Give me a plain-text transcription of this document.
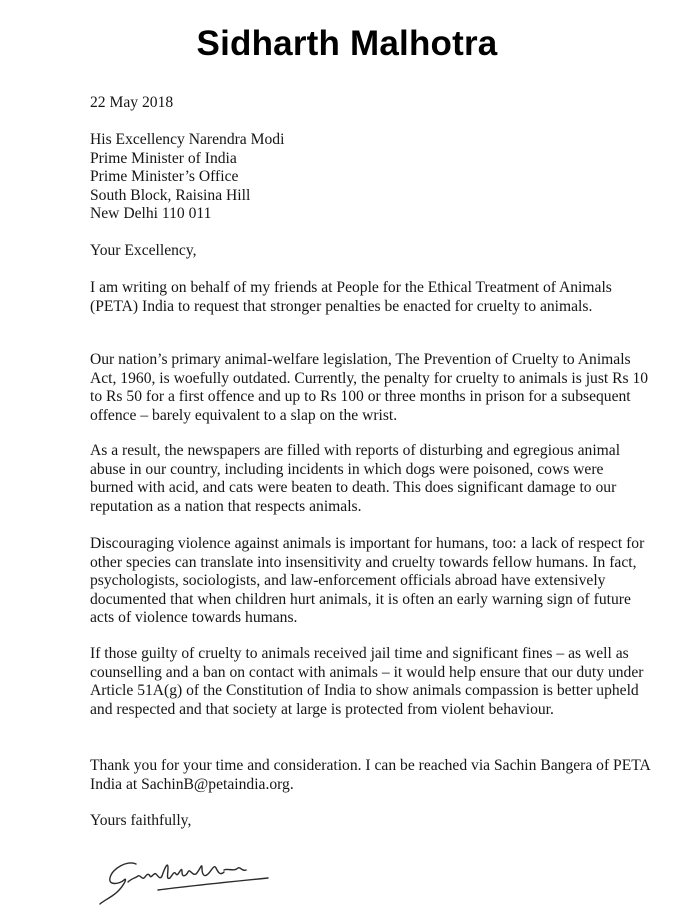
Sidharth Malhotra
22 May 2018
His Excellency Narendra Modi
Prime Minister of India
Prime Minister’s Office
South Block, Raisina Hill
New Delhi 110 011
Your Excellency,

I am writing on behalf of my friends at People for the Ethical Treatment of Animals (PETA) India to request that stronger penalties be enacted for cruelty to animals.

Our nation’s primary animal-welfare legislation, The Prevention of Cruelty to Animals Act, 1960, is woefully outdated. Currently, the penalty for cruelty to animals is just Rs 10 to Rs 50 for a first offence and up to Rs 100 or three months in prison for a subsequent offence – barely equivalent to a slap on the wrist.

As a result, the newspapers are filled with reports of disturbing and egregious animal abuse in our country, including incidents in which dogs were poisoned, cows were burned with acid, and cats were beaten to death. This does significant damage to our reputation as a nation that respects animals.

Discouraging violence against animals is important for humans, too: a lack of respect for other species can translate into insensitivity and cruelty towards fellow humans. In fact, psychologists, sociologists, and law-enforcement officials abroad have extensively documented that when children hurt animals, it is often an early warning sign of future acts of violence towards humans.

If those guilty of cruelty to animals received jail time and significant fines – as well as counselling and a ban on contact with animals – it would help ensure that our duty under Article 51A(g) of the Constitution of India to show animals compassion is better upheld and respected and that society at large is protected from violent behaviour.

Thank you for your time and consideration. I can be reached via Sachin Bangera of PETA India at SachinB@petaindia.org.

Yours faithfully,
